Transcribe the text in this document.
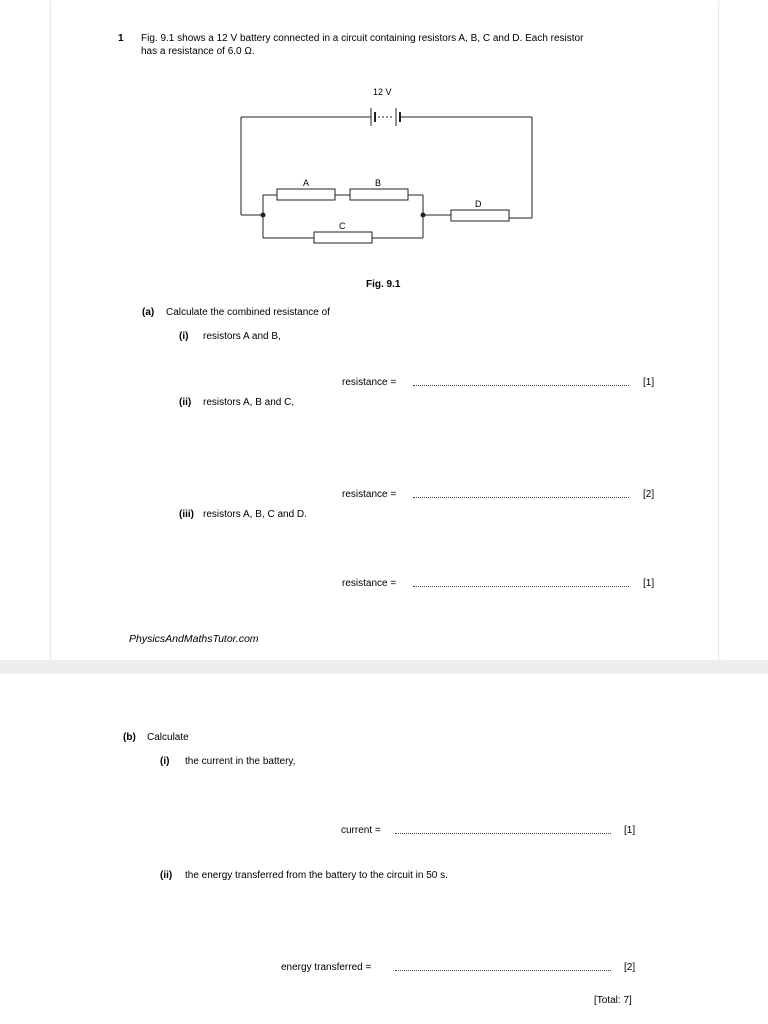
1 Fig. 9.1 shows a 12 V battery connected in a circuit containing resistors A, B, C and D. Each resistor
has a resistance of 6.0 Ω.
12 V
A	B
C
D
Fig. 9.1
(a) Calculate the combined resistance of
(i) resistors A and B,
resistance =	[1]
(ii) resistors A, B and C,
resistance =	[2]
(iii) resistors A, B, C and D.
resistance =	[1]
PhysicsAndMathsTutor.com
(b) Calculate
(i) the current in the battery,
current =	[1]
(ii) the energy transferred from the battery to the circuit in 50 s.
energy transferred =	[2]
[Total: 7]
